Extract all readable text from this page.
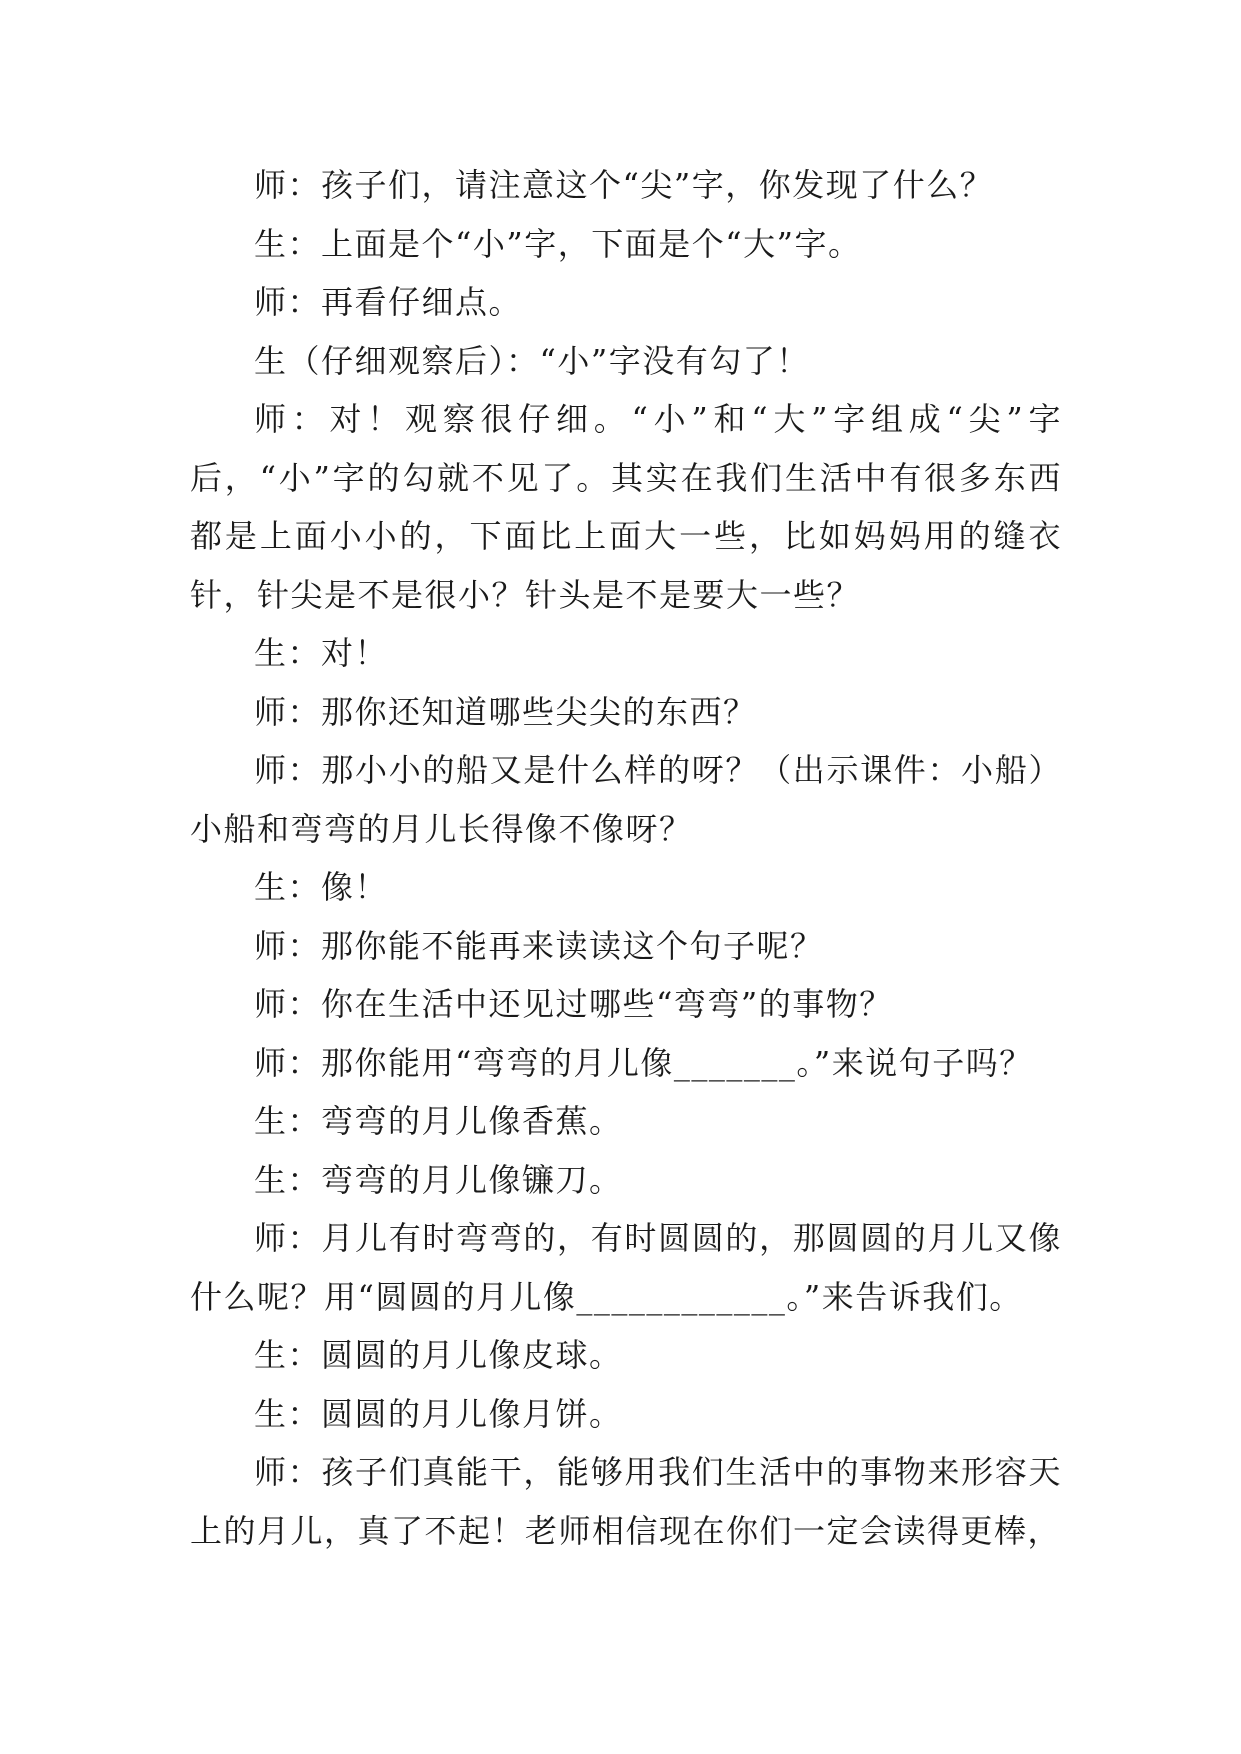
师：孩子们，请注意这个“尖”字，你发现了什么？

生：上面是个“小”字，下面是个“大”字。

师：再看仔细点。

生（仔细观察后）：“小”字没有勾了！

师：对！观察很仔细。“小”和“大”字组成“尖”字后，“小”字的勾就不见了。其实在我们生活中有很多东西都是上面小小的，下面比上面大一些，比如妈妈用的缝衣针，针尖是不是很小？针头是不是要大一些？

生：对！

师：那你还知道哪些尖尖的东西？

师：那小小的船又是什么样的呀？（出示课件：小船）小船和弯弯的月儿长得像不像呀？

生：像！

师：那你能不能再来读读这个句子呢？

师：你在生活中还见过哪些“弯弯”的事物？

师：那你能用“弯弯的月儿像_______。”来说句子吗？

生：弯弯的月儿像香蕉。

生：弯弯的月儿像镰刀。

师：月儿有时弯弯的，有时圆圆的，那圆圆的月儿又像什么呢？用“圆圆的月儿像____________。”来告诉我们。

生：圆圆的月儿像皮球。

生：圆圆的月儿像月饼。

师：孩子们真能干，能够用我们生活中的事物来形容天上的月儿，真了不起！老师相信现在你们一定会读得更棒，
